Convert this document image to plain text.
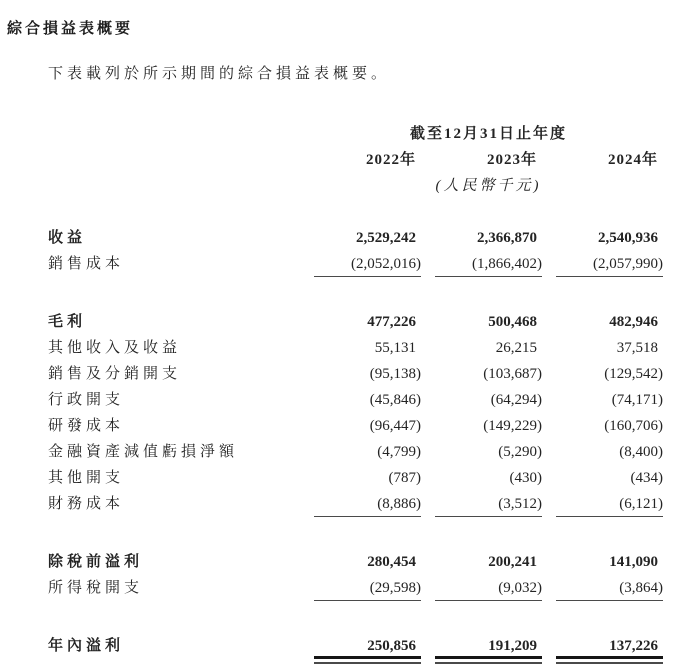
綜合損益表概要

下表載列於所示期間的綜合損益表概要。

截至12月31日止年度
2022年	2023年	2024年
(人民幣千元)
收益	2,529,242	2,366,870	2,540,936
銷售成本	(2,052,016)	(1,866,402)	(2,057,990)
毛利	477,226	500,468	482,946
其他收入及收益	55,131	26,215	37,518
銷售及分銷開支	(95,138)	(103,687)	(129,542)
行政開支	(45,846)	(64,294)	(74,171)
研發成本	(96,447)	(149,229)	(160,706)
金融資產減值虧損淨額	(4,799)	(5,290)	(8,400)
其他開支	(787)	(430)	(434)
財務成本	(8,886)	(3,512)	(6,121)
除稅前溢利	280,454	200,241	141,090
所得稅開支	(29,598)	(9,032)	(3,864)
年內溢利	250,856	191,209	137,226
